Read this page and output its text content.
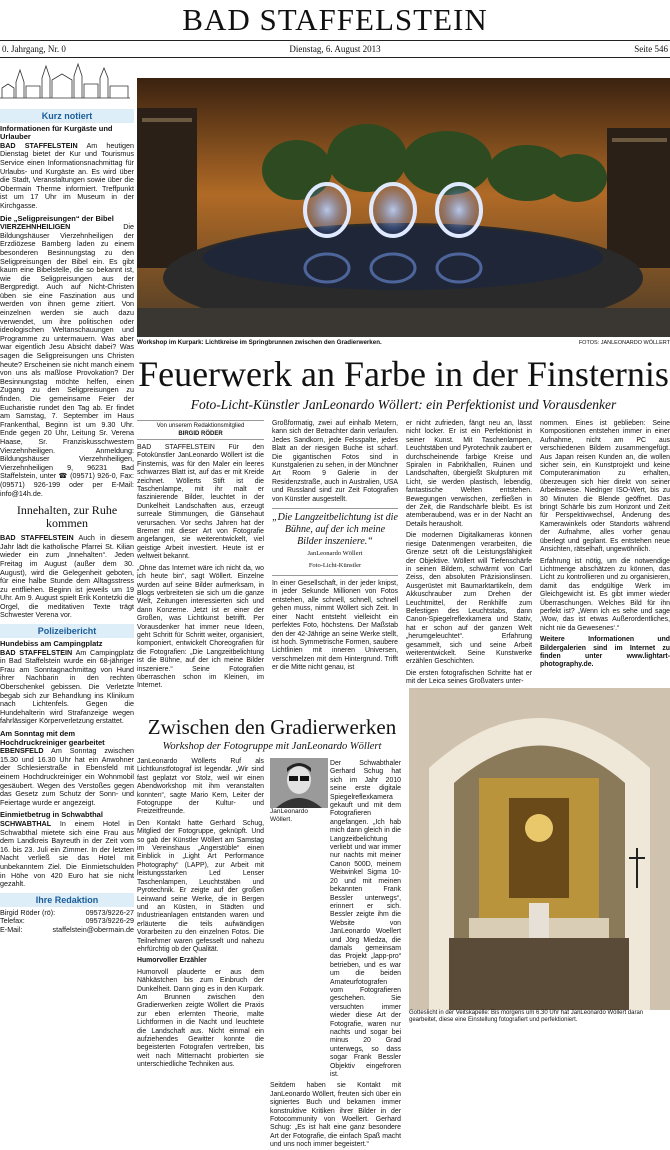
BAD STAFFELSTEIN
0. Jahrgang, Nr. 0	Dienstag, 6. August 2013	Seite 546
Kurz notiert
Informationen für Kurgäste und Urlauber

BAD STAFFELSTEIN Am heutigen Dienstag bietet der Kur und Tourismus Service einen Informationsnachmittag für Urlaubs- und Kurgäste an. Es wird über die Stadt, Veranstaltungen sowie über die Obermain Therme informiert. Treffpunkt ist um 17 Uhr im Museum in der Kirchgasse.

Die „Seligpreisungen“ der Bibel

VIERZEHNHEILIGEN	Die Bildungshäuser Vierzehnheiligen der Erzdiözese Bamberg laden zu einem besonderen Besinnungstag zu den Seligpreisungen der Bibel ein. Es gibt kaum eine Bibelstelle, die so bekannt ist, wie die Seligpreisungen aus der Bergpredigt. Auch auf Nicht-Christen üben sie eine Faszination aus und werden von ihnen gerne zitiert. Von einzelnen werden sie auch dazu verwendet, um ihre politischen oder ideologischen Weltanschauungen und Programme zu untermauern. Was aber war eigentlich Jesu Absicht dabei? Was sagen die Seligpreisungen uns Christen heute? Erscheinen sie nicht manch einem von uns als maßlose Provokation? Der Besinnungstag möchte helfen, einen Zugang zu den Seligpreisungen zu finden. Die gemeinsame Feier der Eucharistie rundet den Tag ab. Er findet am Samstag, 7. September im Haus Frankenthal, Beginn ist um 9.30 Uhr. Ende gegen 20 Uhr, Leitung Sr. Verena Haase, Sr. Franziskusschwestern Vierzehnheiligen. Anmeldung: Bildungshäuser Vierzehnheiligen, Vierzehnheiligen 9, 96231 Bad Staffelstein, unter ☎ (09571) 926-0, Fax: (09571) 926-199 oder per E-Mail: info@14h.de.

Innehalten, zur Ruhe kommen

BAD STAFFELSTEIN Auch in diesem Jahr lädt die katholische Pfarrei St. Kilian wieder ein zum „Innehalten“. Jeden Freitag im August (außer dem 30. August), wird die Gelegenheit geboten, für eine halbe Stunde dem Alltagsstress zu entfliehen. Beginn ist jeweils um 19 Uhr. Am 9. August spielt Erik Kontetzki die Orgel, die meditativen Texte trägt Schwester Verena vor.

Polizeibericht
Hundebiss am Campingplatz

BAD STAFFELSTEIN Am Campingplatz in Bad Staffelstein wurde ein 68-jähriger Frau am Sonntagnachmittag von Hund ihrer Nachbarin in den rechten Oberschenkel gebissen. Die Verletzte begab sich zur Behandlung ins Klinikum nach Lichtenfels. Gegen die Hundehalterin wird Strafanzeige wegen fahrlässiger Körperverletzung erstattet.

Am Sonntag mit dem Hochdruckreiniger gearbeitet

EBENSFELD Am Sonntag zwischen 15.30 und 16.30 Uhr hat ein Anwohner der Schlesierstraße in Ebensfeld mit einem Hochdruckreiniger ein Wohnmobil gesäubert. Wegen des Verstoßes gegen das Gesetz zum Schutz der Sonn- und Feiertage wurde er angezeigt.

Einmietbetrug in Schwabthal

SCHWABTHAL In einem Hotel in Schwabthal mietete sich eine Frau aus dem Landkreis Bayreuth in der Zeit vom 16. bis 23. Juli ein Zimmer. In der letzten Nacht verließ sie das Hotel mit unbekanntem Ziel. Die Einmietschulden in Höhe von 420 Euro hat sie nicht gezahlt.

Ihre Redaktion
Birgid Röder (rö):	09573/9226-27
Telefax:	09573/9226-29
E-Mail:	staffelstein@obermain.de
Workshop im Kurpark: Lichtkreise im Springbrunnen zwischen den Gradierwerken.	FOTOS: JANLEONARDO WÖLLERT
Feuerwerk an Farbe in der Finsternis
Foto-Licht-Künstler JanLeonardo Wöllert: ein Perfektionist und Vorausdenker
Von unserem Redaktionsmitglied
BIRGID RÖDER

BAD STAFFELSTEIN Für den Fotokünstler JanLeonardo Wöllert ist die Finsternis, was für den Maler ein leeres schwarzes Blatt ist, auf das er mit Kreide zeichnet. Wöllerts Stift ist die Taschenlampe, mit ihr malt er faszinierende Bilder, leuchtet in der Dunkelheit Landschaften aus, erzeugt surreale Stimmungen, die Gänsehaut verursachen. Vor sechs Jahren hat der Bremer mit dieser Art von Fotografie angefangen, sie weiterentwickelt, viel geistige Arbeit investiert. Heute ist er weltweit bekannt.

„Ohne das Internet wäre ich nicht da, wo ich heute bin“, sagt Wöllert. Einzelne wurden auf seine Bilder aufmerksam, in Blogs verbreiteten sie sich um die ganze Welt, Zeitungen interessierten sich und dann Konzerne. Jetzt ist er einer der Großen, was Lichtkunst betrifft. Per Vorausdenker hat immer neue Ideen, geht Schritt für Schritt weiter, organisiert, komponiert, entwickelt Choreografien für die Fotografien: „Die Langzeitbelichtung ist die Bühne, auf der ich meine Bilder inszeniere.“ Seine Fotografien überraschen schon im Kleinen, im Internet.

Großformatig, zwei auf einhalb Metern, kann sich der Betrachter darin verlaufen. Jedes Sandkorn, jede Felsspalte, jedes Blatt an der riesigen Buche ist scharf. Die gigantischen Fotos sind in Kunstgalerien zu sehen, in der Münchner Art Room 9 Galerie in der Residenzstraße, auch in Australien, USA und Russland sind zur Zeit Fotografien von Künstler ausgestellt.

„Die Langzeitbelichtung ist die Bühne, auf der ich meine Bilder inszeniere.“
JanLeonardo Wöllert
Foto-Licht-Künstler

In einer Gesellschaft, in der jeder knipst, in jeder Sekunde Millionen von Fotos entstehen, alle schnell, schnell, schnell gehen muss, nimmt Wöllert sich Zeit. In einer Nacht entsteht vielleicht ein perfektes Foto, höchstens. Der Maßstab den der 42-Jährige an seine Werke stellt, ist hoch. Symmetrische Formen, saubere Lichtlinien mit inneren Universen, verschmelzen mit dem Hintergrund. Trifft er die Mitte nicht genau, ist

er nicht zufrieden, fängt neu an, lässt nicht locker. Er ist ein Perfektionist in seiner Kunst. Mit Taschenlampen, Leuchtstäben und Pyrotechnik zaubert er durchscheinende farbige Kreise und Spiralen in Fabrikhallen, Ruinen und Landschaften, übergießt Skulpturen mit Licht, sie werden plastisch, lebendig, fantastische Welten entstehen. Bewegungen verwischen, zerfließen in der Zeit, die Randschärfe bleibt. Es ist atemberaubend, was er in der Nacht an Details herausholt.

Die modernen Digitalkameras können riesige Datenmengen verarbeiten, die Grenze setzt oft die Leistungsfähigkeit der Objektive. Wöllert will Tiefenschärfe in seinen Bildern, schwärmt von Carl Zeiss, den absoluten Präzisionslinsen. Ausgerüstet mit Baumarktartikeln, dem Akkuschrauber zum Drehen der Leuchtmittel, der Renkhilfe zum Befestigen des Leuchtstabs, dann Canon-Spiegelreflexkamera und Stativ, hat er schon auf der ganzen Welt „herumgeleuchtet“. Erfahrung gesammelt, sich und seine Arbeit weiterentwickelt. Seine Kunstwerke erzählen Geschichten.

Die ersten fotografischen Schritte hat er mit der Leica seines Großvaters unter-

nommen. Eines ist geblieben: Seine Kompositionen entstehen immer in einer Aufnahme, nicht am PC aus verschiedenen Bildern zusammengefügt. Aus Japan reisen Kunden an, die wollen sicher sein, ein Kunstprojekt und keine Computeranimation zu erhalten, überzeugen sich hier direkt von seiner Arbeitsweise. Niedriger ISO-Wert, bis zu 30 Minuten die Blende geöffnet. Das bringt Schärfe bis zum Horizont und Zeit für Perspektivwechsel, Änderung des Kamerawinkels oder Standorts während der Aufnahme, alles vorher genau überlegt und geplant. Es entstehen neue Ansichten, rätselhaft, ungewöhnlich.

Erfahrung ist nötig, um die notwendige Lichtmenge abschätzen zu können, das Licht zu kontrollieren und zu organisieren, damit das endgültige Werk im Gleichgewicht ist. Es gibt immer wieder Überraschungen. Welches Bild für ihn perfekt ist? „Wenn ich es sehe und sage ‚Wow, das ist etwas Außerordentliches, nicht nie da Gewesenes‘.“

Weitere Informationen und Bildergalerien sind im Internet zu finden unter www.lightart-photography.de.

Zwischen den Gradierwerken
Workshop der Fotogruppe mit JanLeonardo Wöllert

JanLeonardo Wöllerts Ruf als Lichtkunstfotograf ist legendär. „Wir sind fast geplatzt vor Stolz, weil wir einen Abendworkshop mit ihm veranstalten konnten“, sagte Mario Kern, Leiter der Fotogruppe der Kultur- und Freizeitfreunde.

Den Kontakt hatte Gerhard Schug, Mitglied der Fotogruppe, geknüpft. Und so gab der Künstler Wöllert am Samstag im Vereinshaus „Angerstüble“ einen Einblick in „Light Art Performance Photography“ (LAPP), zur Arbeit mit leistungsstarken Led Lenser Taschenlampen, Leuchtstäben und Pyrotechnik. Er zeigte auf der großen Leinwand seine Werke, die in Bergen und an Küsten, in Städten und Industrieanlagen entstanden waren und erläuterte die teils aufwändigen Vorarbeiten zu den einzelnen Fotos. Die Teilnehmer waren gefesselt und nahezu ehrfürchtig ob der Qualität.

Humorvoller Erzähler

Humorvoll plauderte er aus dem Nähkästchen bis zum Einbruch der Dunkelheit. Dann ging es in den Kurpark. Am Brunnen zwischen den Gradierwerken zeigte Wöllert die Praxis zur eben erlernten Theorie, malte Lichtformen in die Nacht und leuchtete die Landschaft aus. Nicht einmal ein aufziehendes Gewitter konnte die begeisterten Fotografen vertreiben, bis weit nach Mitternacht probierten sie unterschiedliche Techniken aus.

JanLeonardo Wöllert.

Der Schwabthaler Gerhard Schug hat sich im Jahr 2010 seine erste digitale Spiegelreflexkamera gekauft und mit dem Fotografieren angefangen. „Ich hab mich dann gleich in die Langzeitbelichtung verliebt und war immer nur nachts mit meiner Canon 500D, meinem Weitwinkel Sigma 10-20 und mit meinen bekannten Frank Bessler unterwegs“, erinnert er sich. Bessler zeigte ihm die Website von JanLeonardo Woellert und Jörg Miedza, die damals gemeinsam das Projekt „lapp-pro“ betrieben, und es war um die beiden Amateurfotografen vom Fotografieren geschehen. Sie versuchten immer wieder diese Art der Fotografie, waren nur nachts und sogar bei minus 20 Grad unterwegs, so dass sogar Frank Bessler Objektiv eingefroren ist.

Seitdem haben sie Kontakt mit JanLeonardo Wöllert, freuten sich über ein signiertes Buch und bekamen immer konstruktive Kritiken ihrer Bilder in der Fotocommunity von Woellert. Gerhard Schug: „Es ist halt eine ganz besondere Art der Fotografie, die einfach Spaß macht und uns noch immer begeistert.“

Gotteslicht in der Veitskapelle: Bis morgens um 6.30 Uhr hat JanLeonardo Wöllert daran gearbeitet, diese eine Einstellung fotografiert und perfektioniert.
